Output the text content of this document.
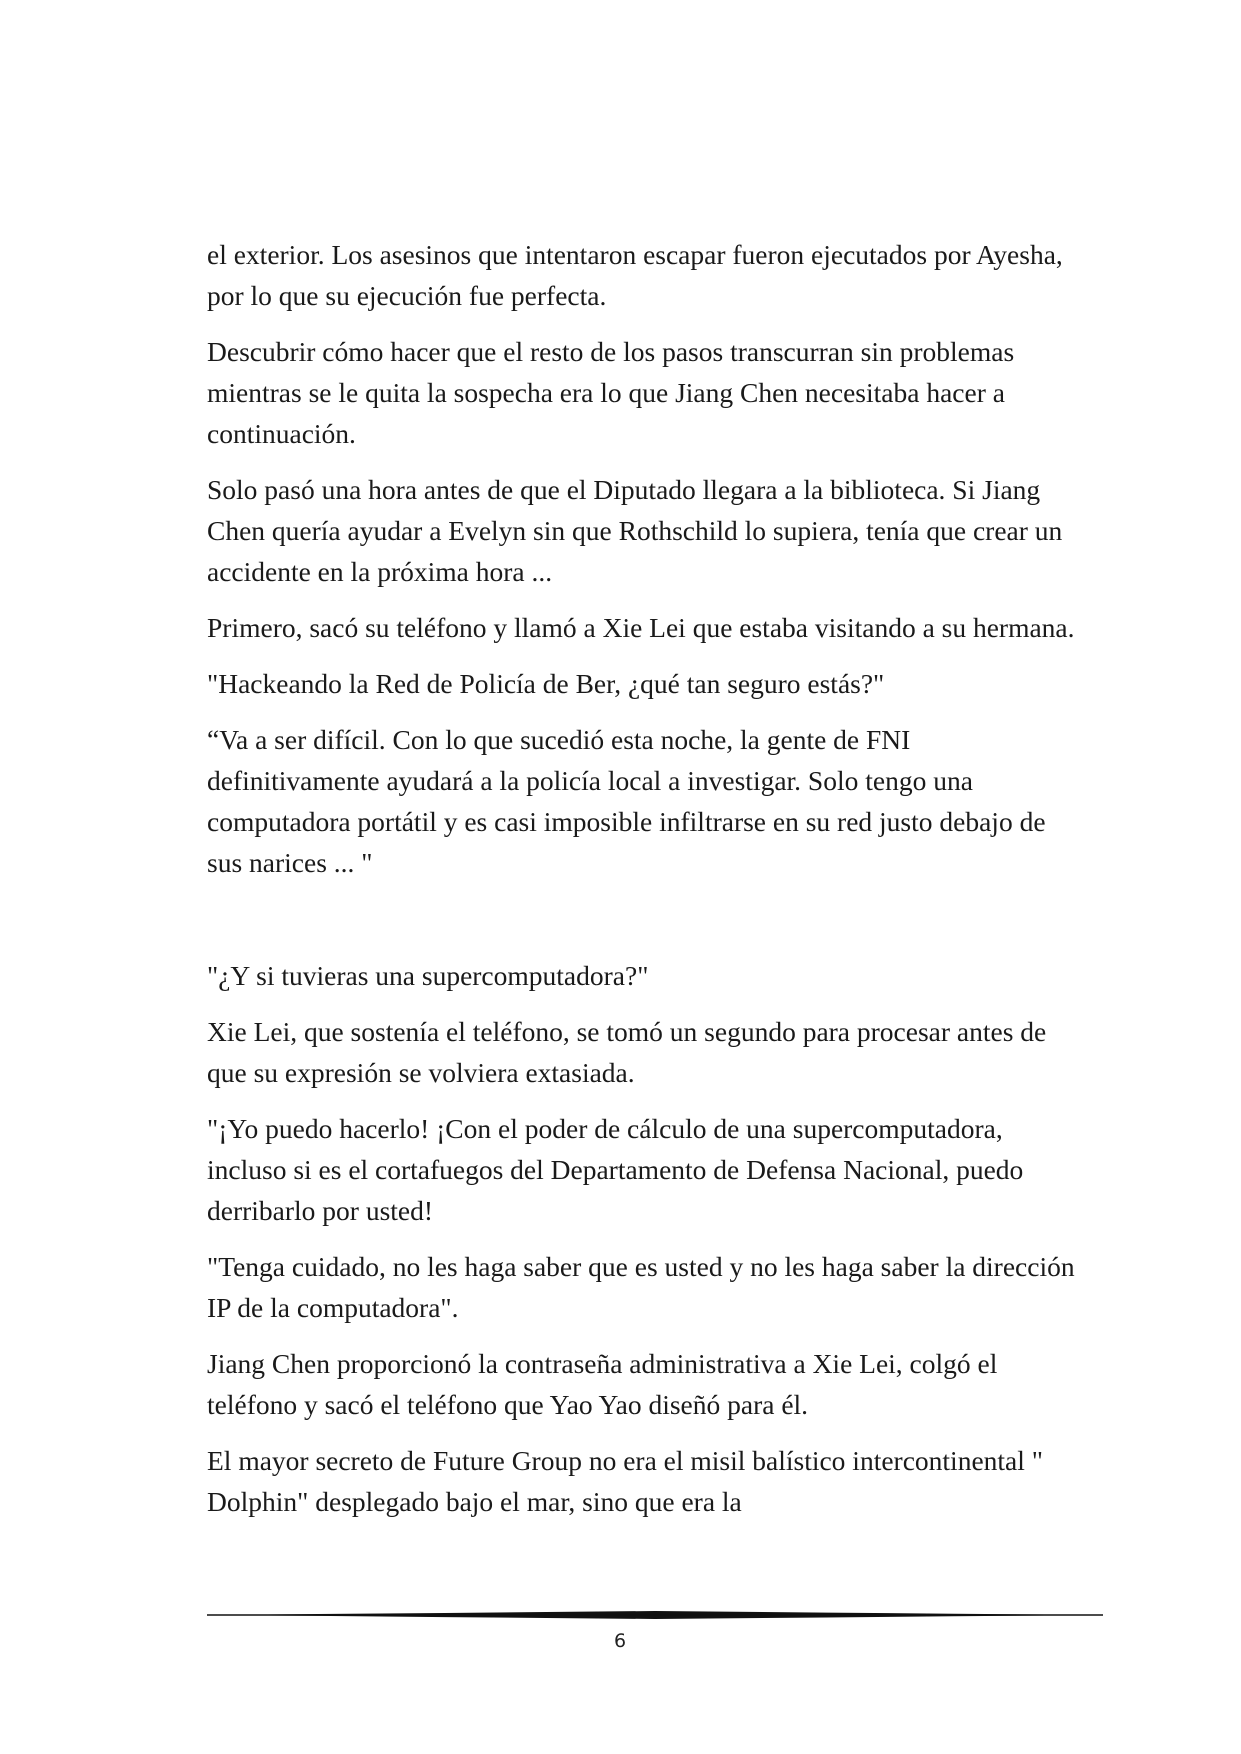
el exterior. Los asesinos que intentaron escapar fueron ejecutados por Ayesha, por lo que su ejecución fue perfecta.

Descubrir cómo hacer que el resto de los pasos transcurran sin problemas mientras se le quita la sospecha era lo que Jiang Chen necesitaba hacer a continuación.

Solo pasó una hora antes de que el Diputado llegara a la biblioteca. Si Jiang Chen quería ayudar a Evelyn sin que Rothschild lo supiera, tenía que crear un accidente en la próxima hora ...

Primero, sacó su teléfono y llamó a Xie Lei que estaba visitando a su hermana.

"Hackeando la Red de Policía de Ber, ¿qué tan seguro estás?"

“Va a ser difícil. Con lo que sucedió esta noche, la gente de FNI definitivamente ayudará a la policía local a investigar. Solo tengo una computadora portátil y es casi imposible infiltrarse en su red justo debajo de sus narices ... "

"¿Y si tuvieras una supercomputadora?"

Xie Lei, que sostenía el teléfono, se tomó un segundo para procesar antes de que su expresión se volviera extasiada.

"¡Yo puedo hacerlo! ¡Con el poder de cálculo de una supercomputadora, incluso si es el cortafuegos del Departamento de Defensa Nacional, puedo derribarlo por usted!

"Tenga cuidado, no les haga saber que es usted y no les haga saber la dirección IP de la computadora".

Jiang Chen proporcionó la contraseña administrativa a Xie Lei, colgó el teléfono y sacó el teléfono que Yao Yao diseñó para él.

El mayor secreto de Future Group no era el misil balístico intercontinental " Dolphin" desplegado bajo el mar, sino que era la

6
